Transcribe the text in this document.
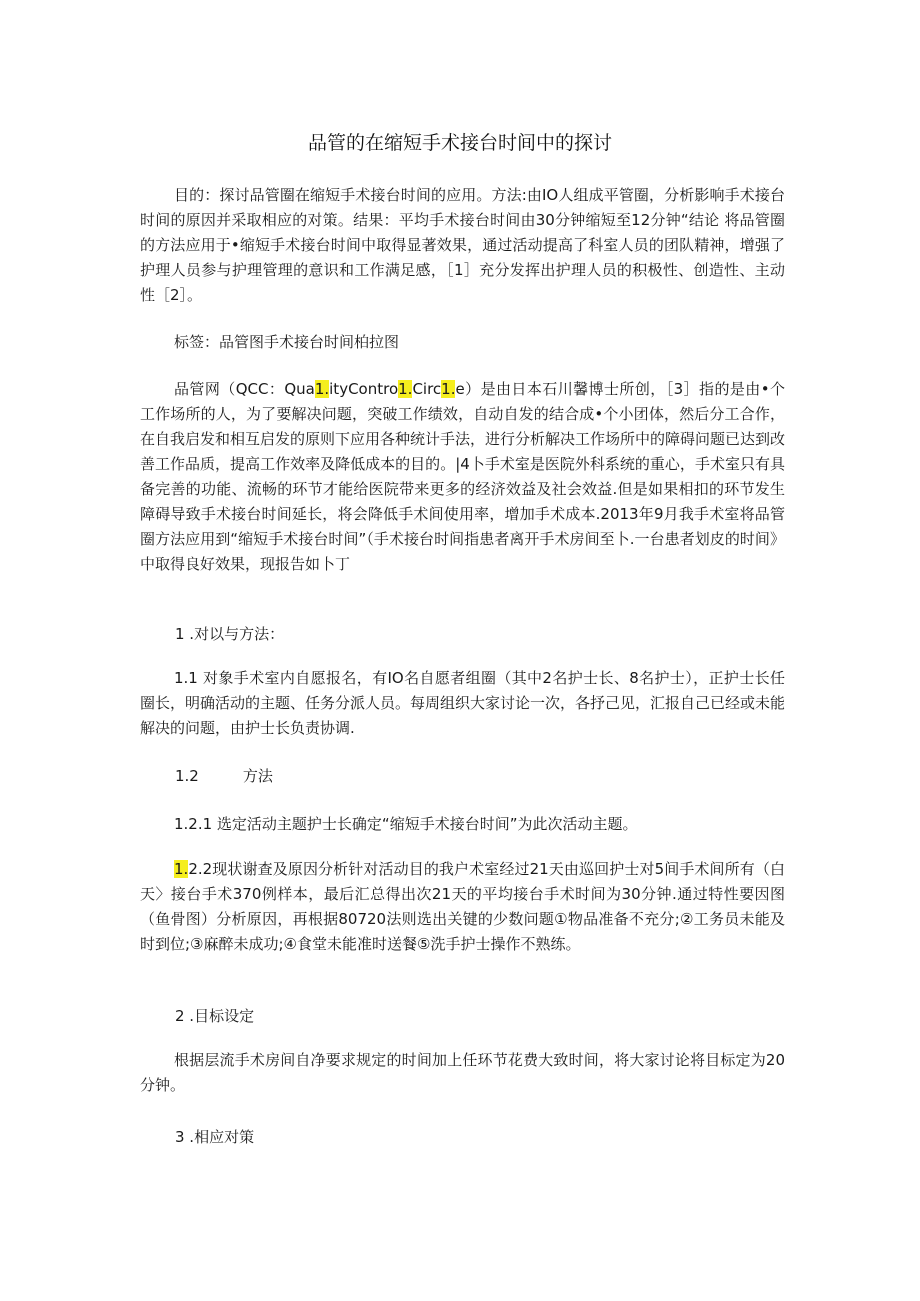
品管的在缩短手术接台时间中的探讨

目的：探讨品管圈在缩短手术接台时间的应用。方法:由IO人组成平管圈，分析影响手术接台时间的原因并采取相应的对策。结果：平均手术接台时间由30分钟缩短至12分钟“结论 将品管圈的方法应用于•缩短手术接台时间中取得显著效果，通过活动提高了科室人员的团队精神，增强了护理人员参与护理管理的意识和工作满足感，［1］充分发挥出护理人员的积极性、创造性、主动性［2］。

标签：品管图手术接台时间柏拉图

品管网（QCC：Qua1.ityContro1.Circ1.e）是由日本石川馨博士所创，［3］指的是由•个工作场所的人，为了要解决问题，突破工作绩效，自动自发的结合成•个小团体，然后分工合作，在自我启发和相互启发的原则下应用各种统计手法，进行分析解决工作场所中的障碍问题已达到改善工作品质，提高工作效率及降低成本的目的。|4卜手术室是医院外科系统的重心，手术室只有具备完善的功能、流畅的环节才能给医院带来更多的经济效益及社会效益.但是如果相扣的环节发生障碍导致手术接台时间延长，将会降低手术间使用率，增加手术成本.2013年9月我手术室将品管圈方法应用到“缩短手术接台时间”（手术接台时间指患者离开手术房间至卜.一台患者划皮的时间》中取得良好效果，现报告如卜丁

1 .对以与方法：

1.1 对象手术室内自愿报名，有IO名自愿者组圈（其中2名护士长、8名护士），正护士长任圈长，明确活动的主题、任务分派人员。每周组织大家讨论一次，各抒己见，汇报自己已经或未能解决的问题，由护士长负责协调.

1.2	方法

1.2.1 选定活动主题护士长确定“缩短手术接台时间”为此次活动主题。

1.2.2现状谢查及原因分析针对活动目的我户术室经过21天由巡回护士对5间手术间所有（白天〉接台手术370例样本，最后汇总得出次21天的平均接台手术时间为30分钟.通过特性要因图（鱼骨图）分析原因，再根据80720法则选出关键的少数问题①物品准备不充分;②工务员未能及时到位;③麻醉未成功;④食堂未能准时送餐⑤洗手护士操作不熟练。

2 .目标设定

根据层流手术房间自净要求规定的时间加上任环节花费大致时间，将大家讨论将目标定为20分钟。

3 .相应对策
